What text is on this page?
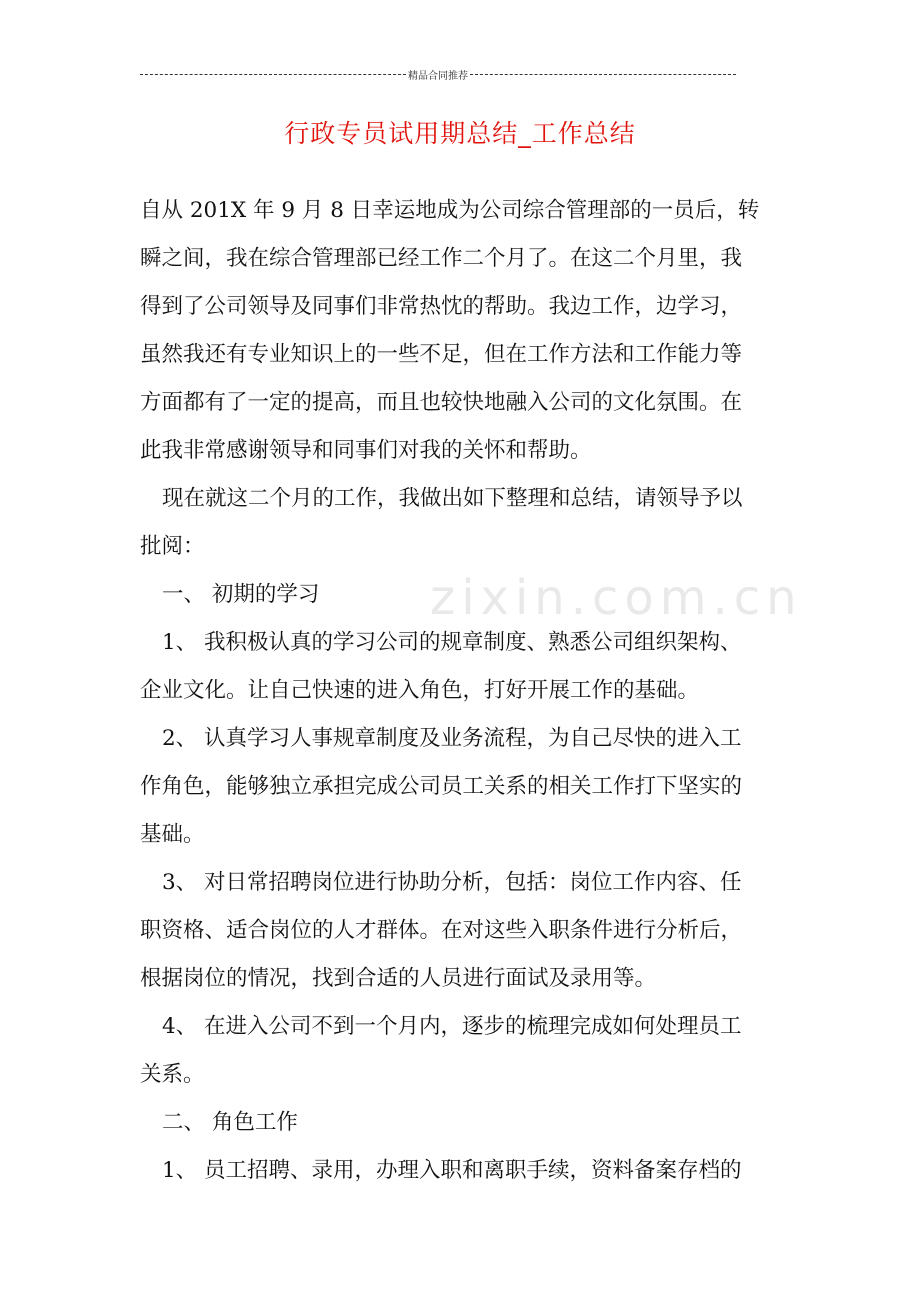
精品合同推荐
行政专员试用期总结_工作总结
zixin.com.cn
自从 201X 年 9 月 8 日幸运地成为公司综合管理部的一员后，转
瞬之间，我在综合管理部已经工作二个月了。在这二个月里，我
得到了公司领导及同事们非常热忱的帮助。我边工作，边学习，
虽然我还有专业知识上的一些不足，但在工作方法和工作能力等
方面都有了一定的提高，而且也较快地融入公司的文化氛围。在
此我非常感谢领导和同事们对我的关怀和帮助。
现在就这二个月的工作，我做出如下整理和总结，请领导予以
批阅：
一、 初期的学习
1、 我积极认真的学习公司的规章制度、熟悉公司组织架构、
企业文化。让自己快速的进入角色，打好开展工作的基础。
2、 认真学习人事规章制度及业务流程，为自己尽快的进入工
作角色，能够独立承担完成公司员工关系的相关工作打下坚实的
基础。
3、 对日常招聘岗位进行协助分析，包括：岗位工作内容、任
职资格、适合岗位的人才群体。在对这些入职条件进行分析后，
根据岗位的情况，找到合适的人员进行面试及录用等。
4、 在进入公司不到一个月内，逐步的梳理完成如何处理员工
关系。
二、 角色工作
1、 员工招聘、录用，办理入职和离职手续，资料备案存档的
